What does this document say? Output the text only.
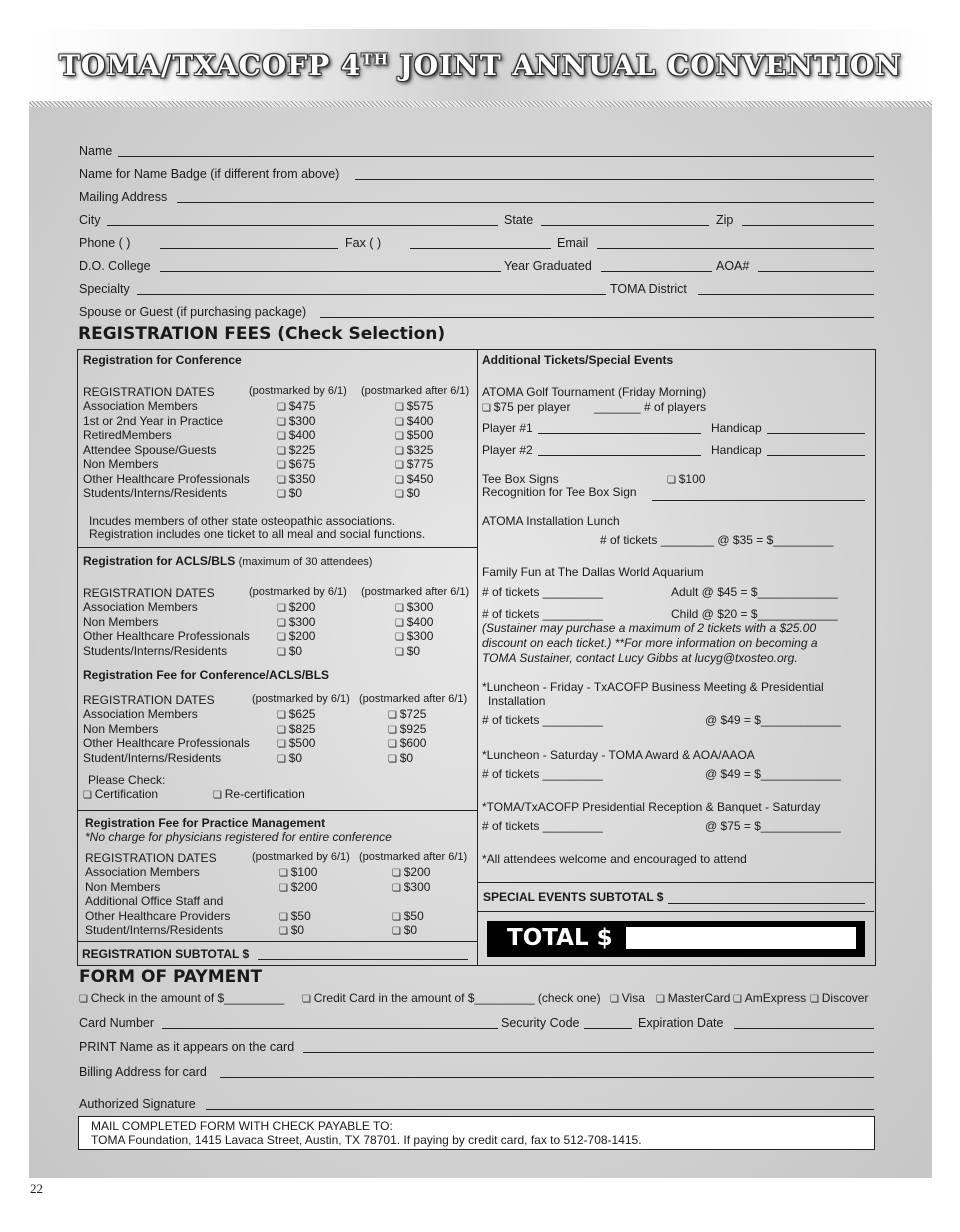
TOMA/TXACOFP 4TH JOINT ANNUAL CONVENTION
Name
Name for Name Badge (if different from above)
Mailing Address
City	State	Zip
Phone ( )	Fax ( )	Email
D.O. College	Year Graduated	AOA#
Specialty	TOMA District
Spouse or Guest (if purchasing package)
REGISTRATION FEES (Check Selection)
Registration for Conference
REGISTRATION DATES	(postmarked by 6/1) (postmarked after 6/1)
Association Members	❏ $475	❏ $575
1st or 2nd Year in Practice	❏ $300	❏ $400
RetiredMembers	❏ $400	❏ $500
Attendee Spouse/Guests	❏ $225	❏ $325
Non Members	❏ $675	❏ $775
Other Healthcare Professionals	❏ $350	❏ $450
Students/Interns/Residents	❏ $0	❏ $0
Incudes members of other state osteopathic associations.
Registration includes one ticket to all meal and social functions.
Registration for ACLS/BLS (maximum of 30 attendees)
REGISTRATION DATES	(postmarked by 6/1) (postmarked after 6/1)
Association Members	❏ $200	❏ $300
Non Members	❏ $300	❏ $400
Other Healthcare Professionals	❏ $200	❏ $300
Students/Interns/Residents	❏ $0	❏ $0
Registration Fee for Conference/ACLS/BLS
REGISTRATION DATES	(postmarked by 6/1) (postmarked after 6/1)
Association Members	❏ $625	❏ $725
Non Members	❏ $825	❏ $925
Other Healthcare Professionals	❏ $500	❏ $600
Student/Interns/Residents	❏ $0	❏ $0
Please Check:
❏ Certification	❏ Re-certification
Registration Fee for Practice Management
*No charge for physicians registered for entire conference
REGISTRATION DATES	(postmarked by 6/1) (postmarked after 6/1)
Association Members	❏ $100	❏ $200
Non Members	❏ $200	❏ $300
Additional Office Staff and
Other Healthcare Providers	❏ $50	❏ $50
Student/Interns/Residents	❏ $0	❏ $0
REGISTRATION SUBTOTAL $
Additional Tickets/Special Events
ATOMA Golf Tournament (Friday Morning)
❏ $75 per player _______ # of players
Player #1	Handicap
Player #2	Handicap
Tee Box Signs	❏ $100
Recognition for Tee Box Sign
ATOMA Installation Lunch
# of tickets ________ @ $35 = $_________
Family Fun at The Dallas World Aquarium
# of tickets _________	Adult @ $45 = $____________
# of tickets _________	Child @ $20 = $____________
(Sustainer may purchase a maximum of 2 tickets with a $25.00
discount on each ticket.) **For more information on becoming a
TOMA Sustainer, contact Lucy Gibbs at lucyg@txosteo.org.
*Luncheon - Friday - TxACOFP Business Meeting & Presidential
Installation
# of tickets _________	@ $49 = $____________
*Luncheon - Saturday - TOMA Award & AOA/AAOA
# of tickets _________	@ $49 = $____________
*TOMA/TxACOFP Presidential Reception & Banquet - Saturday
# of tickets _________	@ $75 = $____________
*All attendees welcome and encouraged to attend
SPECIAL EVENTS SUBTOTAL $
TOTAL $
FORM OF PAYMENT
❏ Check in the amount of $_________	❏ Credit Card in the amount of $_________ (check one)	❏ Visa	❏ MasterCard	❏ AmExpress	❏ Discover
Card Number	Security Code	Expiration Date
PRINT Name as it appears on the card
Billing Address for card
Authorized Signature
MAIL COMPLETED FORM WITH CHECK PAYABLE TO:
TOMA Foundation, 1415 Lavaca Street, Austin, TX 78701. If paying by credit card, fax to 512-708-1415.
22
